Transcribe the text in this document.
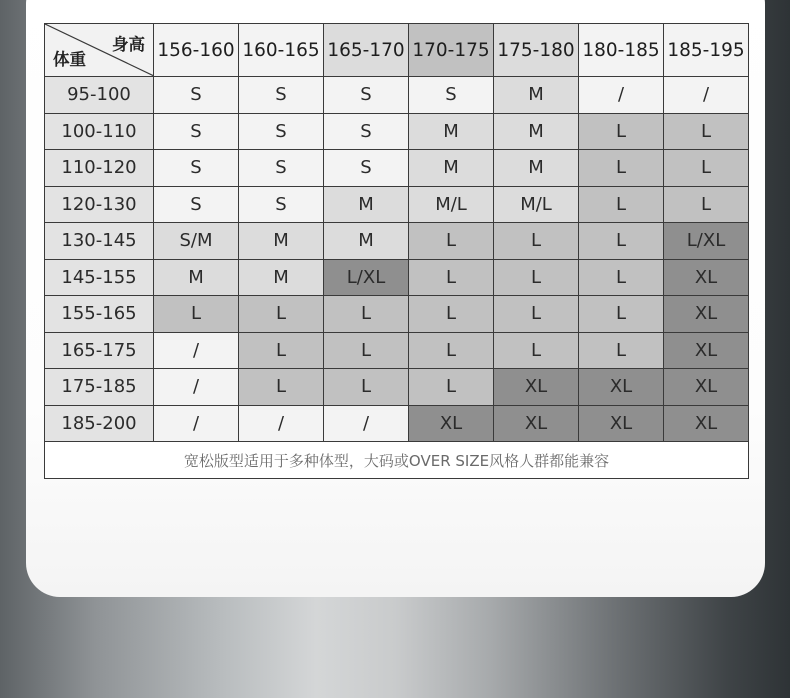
身高
体重	156-160	160-165	165-170	170-175	175-180	180-185	185-195
95-100	S	S	S	S	M	/	/
100-110	S	S	S	M	M	L	L
110-120	S	S	S	M	M	L	L
120-130	S	S	M	M/L	M/L	L	L
130-145	S/M	M	M	L	L	L	L/XL
145-155	M	M	L/XL	L	L	L	XL
155-165	L	L	L	L	L	L	XL
165-175	/	L	L	L	L	L	XL
175-185	/	L	L	L	XL	XL	XL
185-200	/	/	/	XL	XL	XL	XL
宽松版型适用于多种体型，大码或OVER SIZE风格人群都能兼容							
